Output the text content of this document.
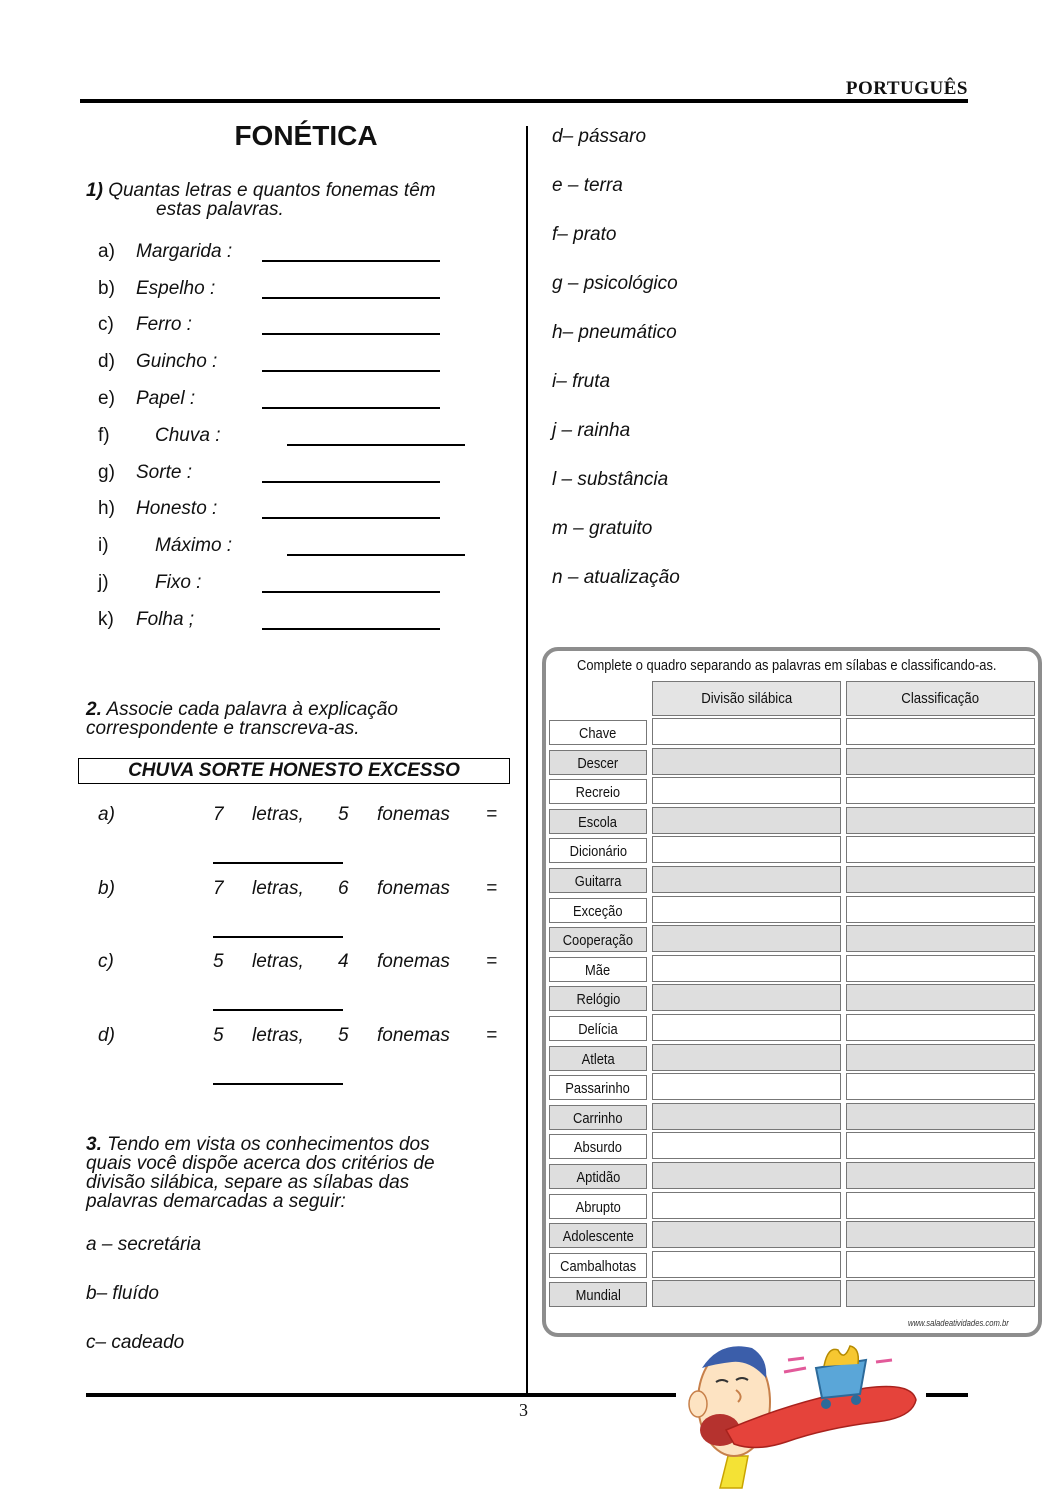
PORTUGUÊS
FONÉTICA
1) Quantas letras e quantos fonemas têm
estas palavras.
a) Margarida :
b) Espelho :
c) Ferro :
d) Guincho :
e) Papel :
f) Chuva :
g) Sorte :
h) Honesto :
i) Máximo :
j) Fixo :
k) Folha ;
2. Associe cada palavra à explicação
correspondente e transcreva-as.
CHUVA SORTE HONESTO EXCESSO
a)	7 letras, 5 fonemas =
b)	7 letras, 6 fonemas =
c)	5 letras, 4 fonemas =
d)	5 letras, 5 fonemas =
3. Tendo em vista os conhecimentos dos
quais você dispõe acerca dos critérios de
divisão silábica, separe as sílabas das
palavras demarcadas a seguir:
a – secretária
b– fluído
c– cadeado
d– pássaro
e – terra
f– prato
g – psicológico
h– pneumático
i– fruta
j – rainha
l – substância
m – gratuito
n – atualização
Complete o quadro separando as palavras em sílabas e classificando-as.
Divisão silábica	Classificação
Chave
Descer
Recreio
Escola
Dicionário
Guitarra
Exceção
Cooperação
Mãe
Relógio
Delícia
Atleta
Passarinho
Carrinho
Absurdo
Aptidão
Abrupto
Adolescente
Cambalhotas
Mundial
www.saladeatividades.com.br
3
